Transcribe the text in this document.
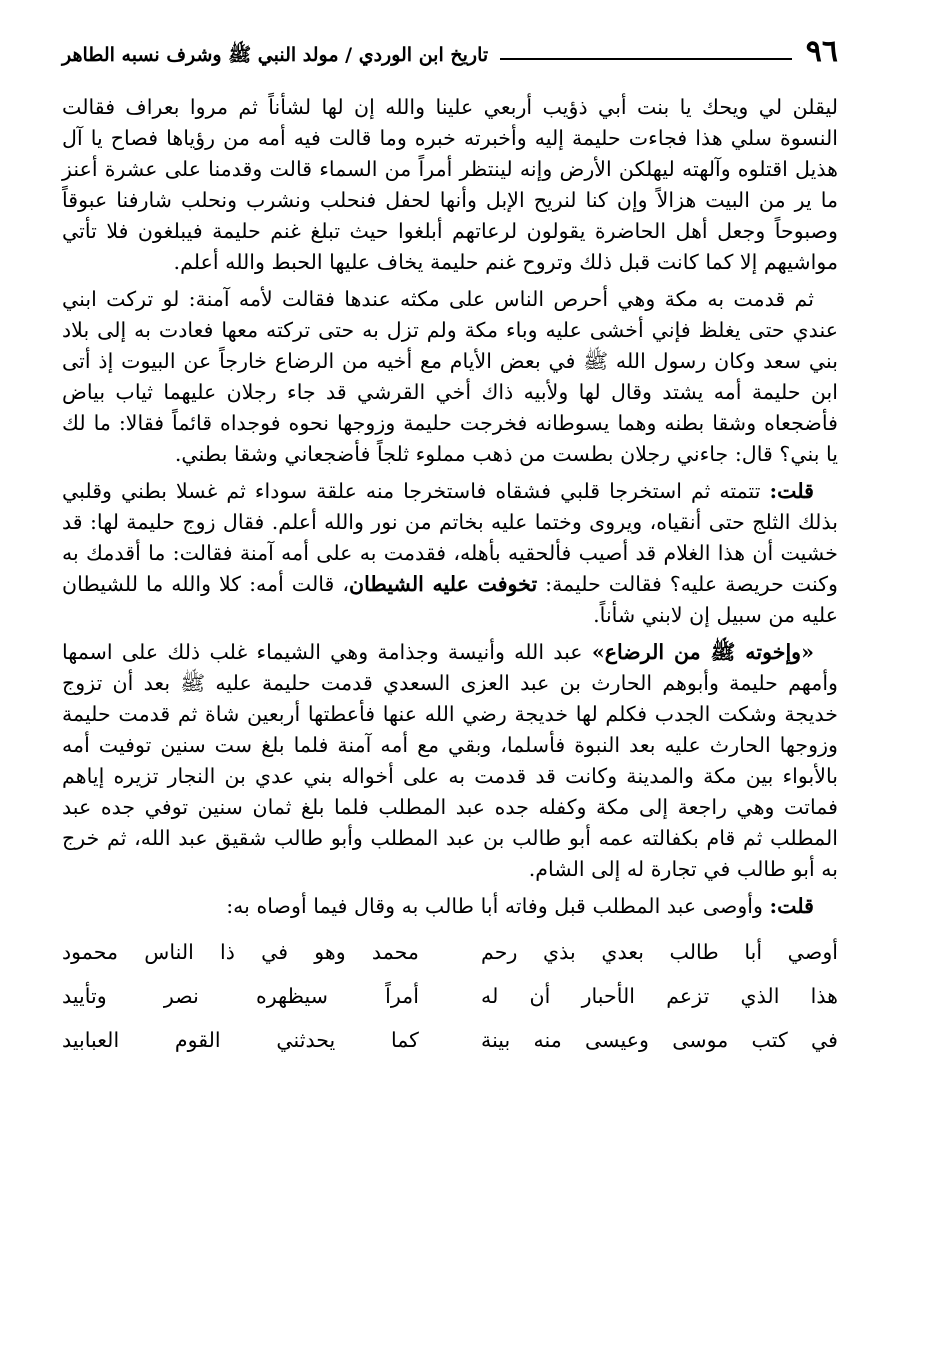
٩٦
تاريخ ابن الوردي / مولد النبي ﷺ وشرف نسبه الطاهر

ليقلن لي ويحك يا بنت أبي ذؤيب أربعي علينا والله إن لها لشأناً ثم مروا بعراف فقالت النسوة سلي هذا فجاءت حليمة إليه وأخبرته خبره وما قالت فيه أمه من رؤياها فصاح يا آل هذيل اقتلوه وآلهته ليهلكن الأرض وإنه لينتظر أمراً من السماء قالت وقدمنا على عشرة أعنز ما ير من البيت هزالاً وإن كنا لنريح الإبل وأنها لحفل فنحلب ونشرب ونحلب شارفنا عبوقاً وصبوحاً وجعل أهل الحاضرة يقولون لرعاتهم أبلغوا حيث تبلغ غنم حليمة فيبلغون فلا تأتي مواشيهم إلا كما كانت قبل ذلك وتروح غنم حليمة يخاف عليها الحبط والله أعلم.

ثم قدمت به مكة وهي أحرص الناس على مكثه عندها فقالت لأمه آمنة: لو تركت ابني عندي حتى يغلظ فإني أخشى عليه وباء مكة ولم تزل به حتى تركته معها فعادت به إلى بلاد بني سعد وكان رسول الله ﷺ في بعض الأيام مع أخيه من الرضاع خارجاً عن البيوت إذ أتى ابن حليمة أمه يشتد وقال لها ولأبيه ذاك أخي القرشي قد جاء رجلان عليهما ثياب بياض فأضجعاه وشقا بطنه وهما يسوطانه فخرجت حليمة وزوجها نحوه فوجداه قائماً فقالا: ما لك يا بني؟ قال: جاءني رجلان بطست من ذهب مملوء ثلجاً فأضجعاني وشقا بطني.

قلت: تتمته ثم استخرجا قلبي فشقاه فاستخرجا منه علقة سوداء ثم غسلا بطني وقلبي بذلك الثلج حتى أنقياه، ويروى وختما عليه بخاتم من نور والله أعلم. فقال زوج حليمة لها: قد خشيت أن هذا الغلام قد أصيب فألحقيه بأهله، فقدمت به على أمه آمنة فقالت: ما أقدمك به وكنت حريصة عليه؟ فقالت حليمة: تخوفت عليه الشيطان، قالت أمه: كلا والله ما للشيطان عليه من سبيل إن لابني شأناً.

«وإخوته ﷺ من الرضاع» عبد الله وأنيسة وجذامة وهي الشيماء غلب ذلك على اسمها وأمهم حليمة وأبوهم الحارث بن عبد العزى السعدي قدمت حليمة عليه ﷺ بعد أن تزوج خديجة وشكت الجدب فكلم لها خديجة رضي الله عنها فأعطتها أربعين شاة ثم قدمت حليمة وزوجها الحارث عليه بعد النبوة فأسلما، وبقي مع أمه آمنة فلما بلغ ست سنين توفيت أمه بالأبواء بين مكة والمدينة وكانت قد قدمت به على أخواله بني عدي بن النجار تزيره إياهم فماتت وهي راجعة إلى مكة وكفله جده عبد المطلب فلما بلغ ثمان سنين توفي جده عبد المطلب ثم قام بكفالته عمه أبو طالب بن عبد المطلب وأبو طالب شقيق عبد الله، ثم خرج به أبو طالب في تجارة له إلى الشام.

قلت: وأوصى عبد المطلب قبل وفاته أبا طالب به وقال فيما أوصاه به:

أوصي أبا طالب بعدي بذي رحم
محمد وهو في ذا الناس محمود
هذا الذي تزعم الأحبار أن له
أمراً سيظهره نصر وتأييد
في كتب موسى وعيسى منه بينة
كما يحدثني القوم العبابيد
